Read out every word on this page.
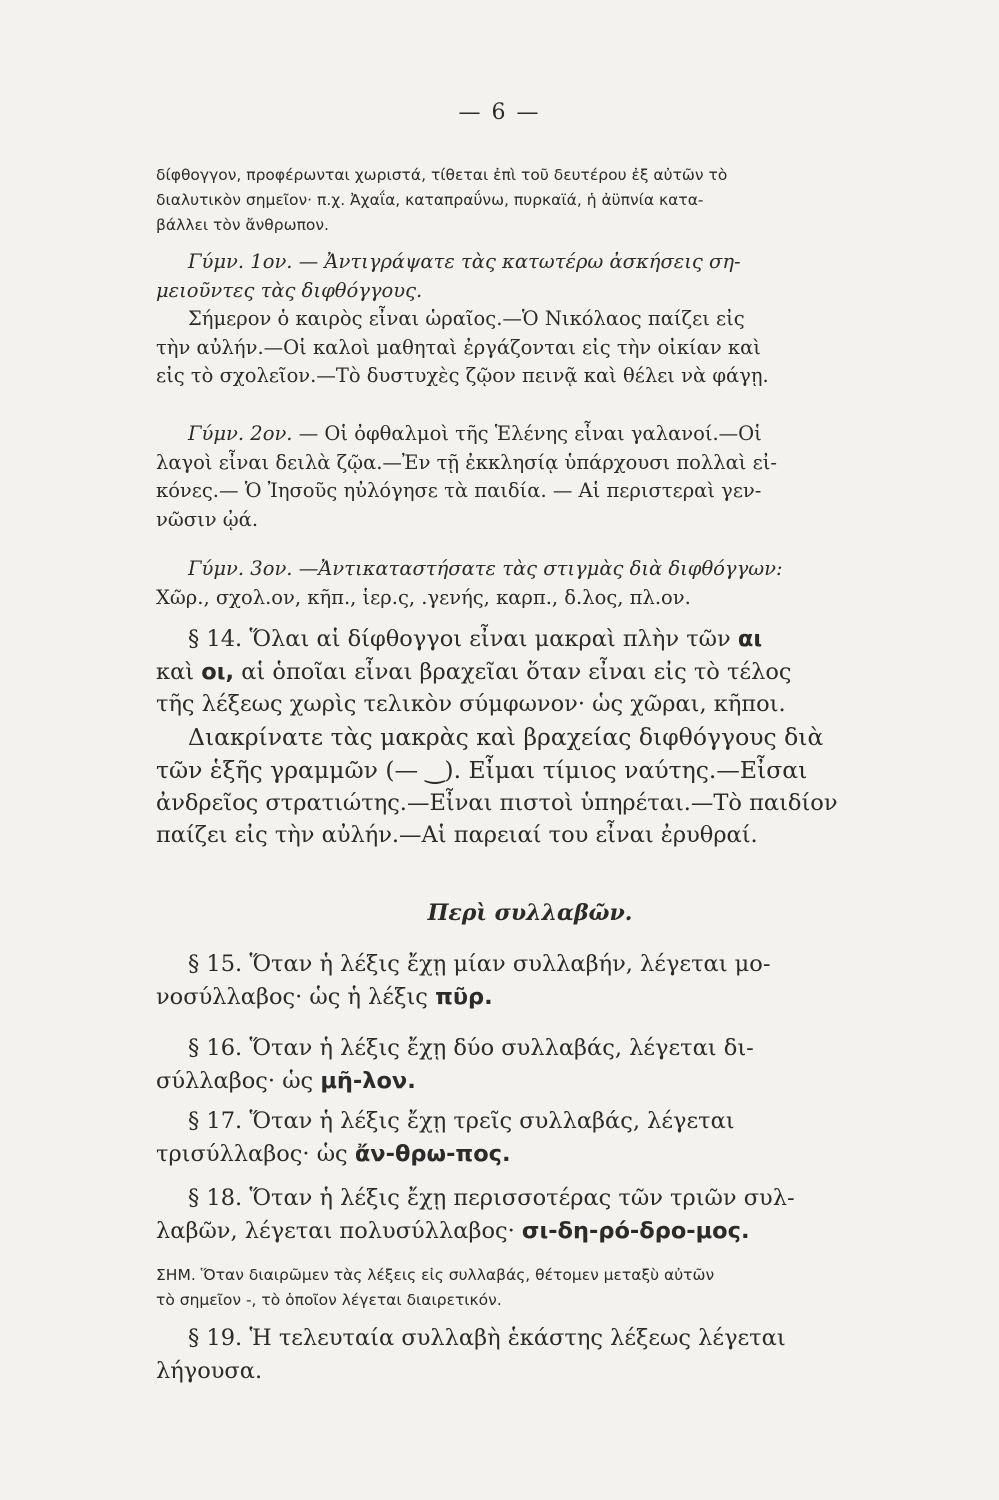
— 6 —
δίφθογγον, προφέρωνται χωριστά, τίθεται ἐπὶ τοῦ δευτέρου ἐξ αὐτῶν τὸ
διαλυτικὸν σημεῖον· π.χ. Ἀχαΐα, καταπραΰνω, πυρκαϊά, ἡ ἀϋπνία κατα-
βάλλει τὸν ἄνθρωπον.
Γύμν. 1ον. — Ἀντιγράψατε τὰς κατωτέρω ἀσκήσεις ση-
μειοῦντες τὰς διφθόγγους.
Σήμερον ὁ καιρὸς εἶναι ὡραῖος.—Ὁ Νικόλαος παίζει εἰς
τὴν αὐλήν.—Οἱ καλοὶ μαθηταὶ ἐργάζονται εἰς τὴν οἰκίαν καὶ
εἰς τὸ σχολεῖον.—Τὸ δυστυχὲς ζῷον πεινᾷ καὶ θέλει νὰ φάγῃ.
Γύμν. 2ον. — Οἱ ὀφθαλμοὶ τῆς Ἑλένης εἶναι γαλανοί.—Οἱ
λαγοὶ εἶναι δειλὰ ζῷα.—Ἐν τῇ ἐκκλησίᾳ ὑπάρχουσι πολλαὶ εἰ-
κόνες.— Ὁ Ἰησοῦς ηὐλόγησε τὰ παιδία. — Αἱ περιστεραὶ γεν-
νῶσιν ᾠά.
Γύμν. 3ον. —Ἀντικαταστήσατε τὰς στιγμὰς διὰ διφθόγγων:
Χῶρ., σχολ.ον, κῆπ., ἱερ.ς, .γενής, καρπ., δ.λος, πλ.ον.
§ 14. Ὅλαι αἱ δίφθογγοι εἶναι μακραὶ πλὴν τῶν αι
καὶ οι, αἱ ὁποῖαι εἶναι βραχεῖαι ὅταν εἶναι εἰς τὸ τέλος
τῆς λέξεως χωρὶς τελικὸν σύμφωνον· ὡς χῶραι, κῆποι.
Διακρίνατε τὰς μακρὰς καὶ βραχείας διφθόγγους διὰ
τῶν ἑξῆς γραμμῶν (— ‿). Εἶμαι τίμιος ναύτης.—Εἶσαι
ἀνδρεῖος στρατιώτης.—Εἶναι πιστοὶ ὑπηρέται.—Τὸ παιδίον
παίζει εἰς τὴν αὐλήν.—Αἱ παρειαί του εἶναι ἐρυθραί.
Περὶ συλλαβῶν.
§ 15. Ὅταν ἡ λέξις ἔχῃ μίαν συλλαβήν, λέγεται μο-
νοσύλλαβος· ὡς ἡ λέξις πῦρ.
§ 16. Ὅταν ἡ λέξις ἔχῃ δύο συλλαβάς, λέγεται δι-
σύλλαβος· ὡς μῆ-λον.
§ 17. Ὅταν ἡ λέξις ἔχῃ τρεῖς συλλαβάς, λέγεται
τρισύλλαβος· ὡς ἄν-θρω-πος.
§ 18. Ὅταν ἡ λέξις ἔχῃ περισσοτέρας τῶν τριῶν συλ-
λαβῶν, λέγεται πολυσύλλαβος· σι-δη-ρό-δρο-μος.
ΣΗΜ. Ὅταν διαιρῶμεν τὰς λέξεις εἰς συλλαβάς, θέτομεν μεταξὺ αὐτῶν
τὸ σημεῖον -, τὸ ὁποῖον λέγεται διαιρετικόν.
§ 19. Ἡ τελευταία συλλαβὴ ἑκάστης λέξεως λέγεται
λήγουσα.
